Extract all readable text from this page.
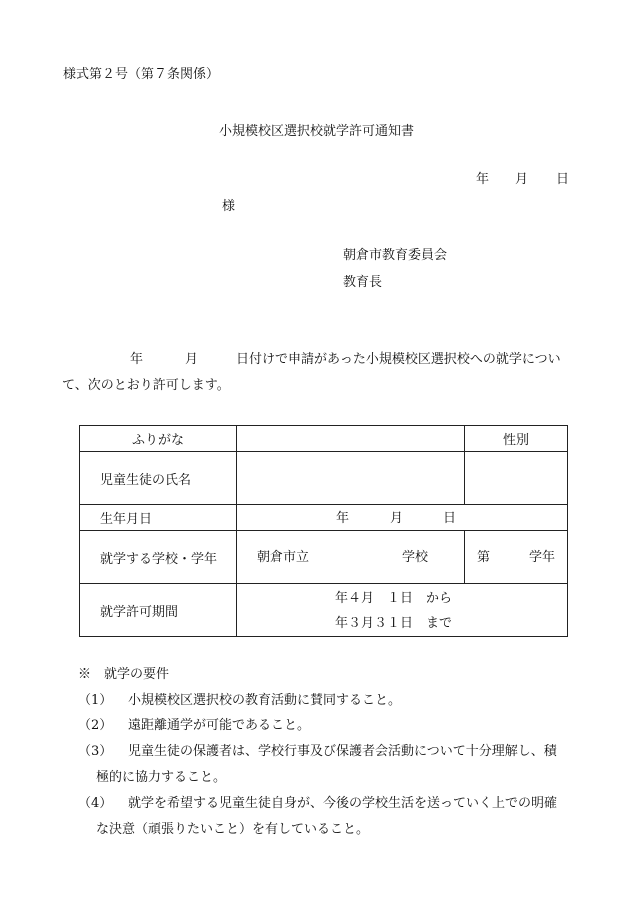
様式第２号（第７条関係）
小規模校区選択校就学許可通知書
年 月 日
様
朝倉市教育委員会
教育長
年	月	日付けで申請があった小規模校区選択校への就学につい
て、次のとおり許可します。
ふりがな		性別
児童生徒の氏名		
生年月日	年 月 日	

就学する学校・学年	朝倉市立 学校	第 学年

就学許可期間	年４月　１日　から
年３月３１日　まで	
※　就学の要件
（1） 小規模校区選択校の教育活動に賛同すること。
（2） 遠距離通学が可能であること。
（3） 児童生徒の保護者は、学校行事及び保護者会活動について十分理解し、積
極的に協力すること。
（4） 就学を希望する児童生徒自身が、今後の学校生活を送っていく上での明確
な決意（頑張りたいこと）を有していること。
